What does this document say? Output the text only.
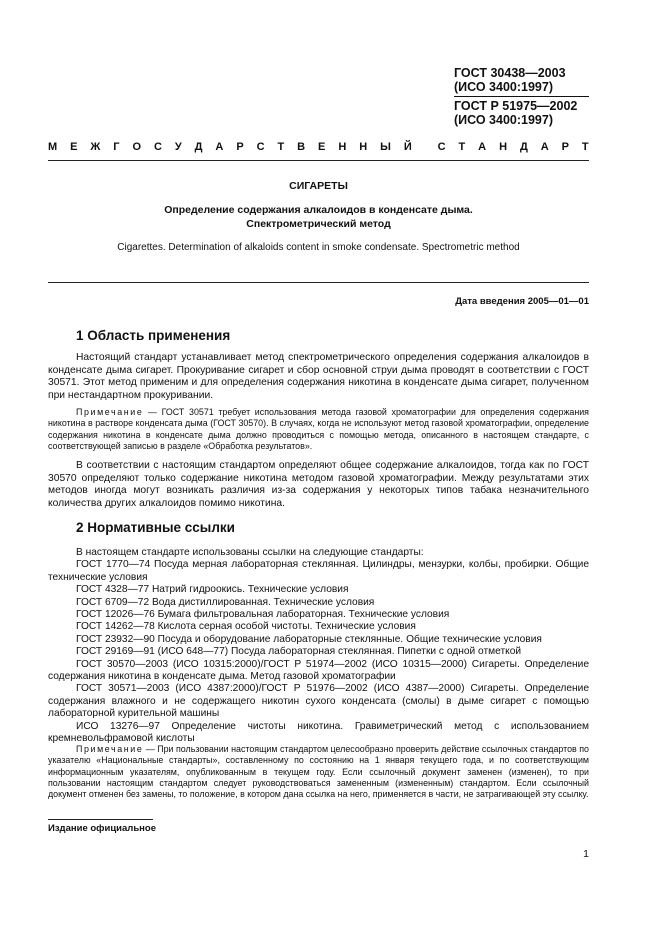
ГОСТ 30438—2003
(ИСО 3400:1997)
ГОСТ Р 51975—2002
(ИСО 3400:1997)
М Е Ж Г О С У Д А Р С Т В Е Н Н Ы Й С Т А Н Д А Р Т
СИГАРЕТЫ
Определение содержания алкалоидов в конденсате дыма.
Спектрометрический метод
Cigarettes. Determination of alkaloids content in smoke condensate. Spectrometric method
Дата введения 2005—01—01
1 Область применения
Настоящий стандарт устанавливает метод спектрометрического определения содержания алкалоидов в конденсате дыма сигарет. Прокуривание сигарет и сбор основной струи дыма проводят в соответствии с ГОСТ 30571. Этот метод применим и для определения содержания никотина в конденсате дыма сигарет, полученном при нестандартном прокуривании.
Примечание — ГОСТ 30571 требует использования метода газовой хроматографии для определения содержания никотина в растворе конденсата дыма (ГОСТ 30570). В случаях, когда не используют метод газовой хроматографии, определение содержания никотина в конденсате дыма должно проводиться с помощью метода, описанного в настоящем стандарте, с соответствующей записью в разделе «Обработка результатов».
В соответствии с настоящим стандартом определяют общее содержание алкалоидов, тогда как по ГОСТ 30570 определяют только содержание никотина методом газовой хроматографии. Между результатами этих методов иногда могут возникать различия из-за содержания у некоторых типов табака незначительного количества других алкалоидов помимо никотина.
2 Нормативные ссылки

В настоящем стандарте использованы ссылки на следующие стандарты:

ГОСТ 1770—74 Посуда мерная лабораторная стеклянная. Цилиндры, мензурки, колбы, пробирки. Общие технические условия

ГОСТ 4328—77 Натрий гидроокись. Технические условия

ГОСТ 6709—72 Вода дистиллированная. Технические условия

ГОСТ 12026—76 Бумага фильтровальная лабораторная. Технические условия

ГОСТ 14262—78 Кислота серная особой чистоты. Технические условия

ГОСТ 23932—90 Посуда и оборудование лабораторные стеклянные. Общие технические условия

ГОСТ 29169—91 (ИСО 648—77) Посуда лабораторная стеклянная. Пипетки с одной отметкой

ГОСТ 30570—2003 (ИСО 10315:2000)/ГОСТ Р 51974—2002 (ИСО 10315—2000) Сигареты. Определение содержания никотина в конденсате дыма. Метод газовой хроматографии

ГОСТ 30571—2003 (ИСО 4387:2000)/ГОСТ Р 51976—2002 (ИСО 4387—2000) Сигареты. Определение содержания влажного и не содержащего никотин сухого конденсата (смолы) в дыме сигарет с помощью лабораторной курительной машины

ИСО 13276—97 Определение чистоты никотина. Гравиметрический метод с использованием кремневольфрамовой кислоты

Примечание — При пользовании настоящим стандартом целесообразно проверить действие ссылочных стандартов по указателю «Национальные стандарты», составленному по состоянию на 1 января текущего года, и по соответствующим информационным указателям, опубликованным в текущем году. Если ссылочный документ заменен (изменен), то при пользовании настоящим стандартом следует руководствоваться замененным (измененным) стандартом. Если ссылочный документ отменен без замены, то положение, в котором дана ссылка на него, применяется в части, не затрагивающей эту ссылку.
Издание официальное
1
